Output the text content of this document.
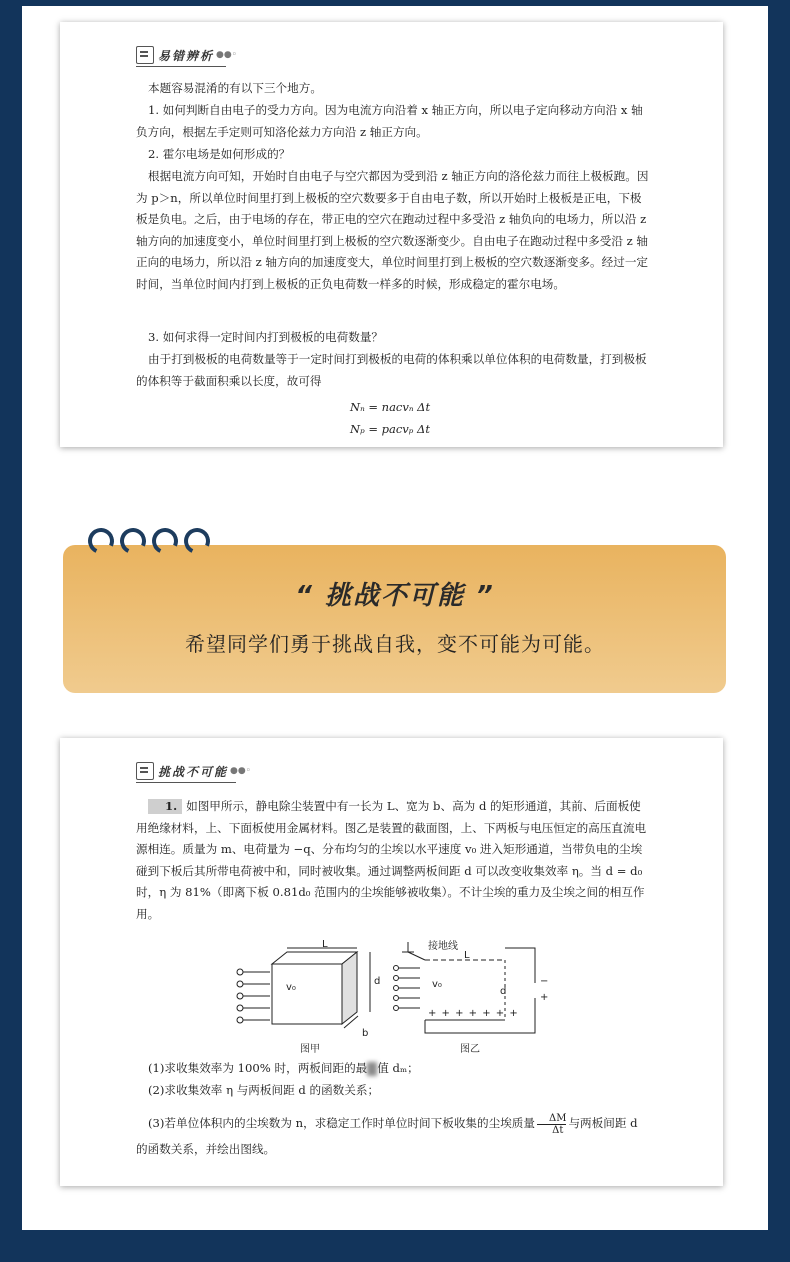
易错辨析 ●●◦

本题容易混淆的有以下三个地方。

1. 如何判断自由电子的受力方向。因为电流方向沿着 x 轴正方向，所以电子定向移动方向沿 x 轴负方向，根据左手定则可知洛伦兹力方向沿 z 轴正方向。

2. 霍尔电场是如何形成的？

根据电流方向可知，开始时自由电子与空穴都因为受到沿 z 轴正方向的洛伦兹力而往上极板跑。因为 p＞n，所以单位时间里打到上极板的空穴数要多于自由电子数，所以开始时上极板是正电，下极板是负电。之后，由于电场的存在，带正电的空穴在跑动过程中多受沿 z 轴负向的电场力，所以沿 z 轴方向的加速度变小，单位时间里打到上极板的空穴数逐渐变少。自由电子在跑动过程中多受沿 z 轴正向的电场力，所以沿 z 轴方向的加速度变大，单位时间里打到上极板的空穴数逐渐变多。经过一定时间，当单位时间内打到上极板的正负电荷数一样多的时候，形成稳定的霍尔电场。

3. 如何求得一定时间内打到极板的电荷数量？

由于打到极板的电荷数量等于一定时间打到极板的电荷的体积乘以单位体积的电荷数量，打到极板的体积等于截面积乘以长度，故可得

Nₙ = nacvₙ Δt
Nₚ = pacvₚ Δt
“ 挑战不可能 ”
希望同学们勇于挑战自我，变不可能为可能。
挑战不可能 ●●◦

1. 如图甲所示，静电除尘装置中有一长为 L、宽为 b、高为 d 的矩形通道，其前、后面板使用绝缘材料，上、下面板使用金属材料。图乙是装置的截面图，上、下两板与电压恒定的高压直流电源相连。质量为 m、电荷量为 −q、分布均匀的尘埃以水平速度 v₀ 进入矩形通道，当带负电的尘埃碰到下板后其所带电荷被中和，同时被收集。通过调整两板间距 d 可以改变收集效率 η。当 d = d₀ 时，η 为 81%（即离下板 0.81d₀ 范围内的尘埃能够被收集）。不计尘埃的重力及尘埃之间的相互作用。

L
d
b
v₀
图甲
接地线
L
d
v₀	−
+
+ + + + + + +
图乙

(1)求收集效率为 100% 时，两板间距的最 值 dₘ；

(2)求收集效率 η 与两板间距 d 的函数关系；

(3)若单位体积内的尘埃数为 n，求稳定工作时单位时间下板收集的尘埃质量 $\frac{\Delta M}{\Delta t}$ 与两板间距 d 的函数关系，并绘出图线。
